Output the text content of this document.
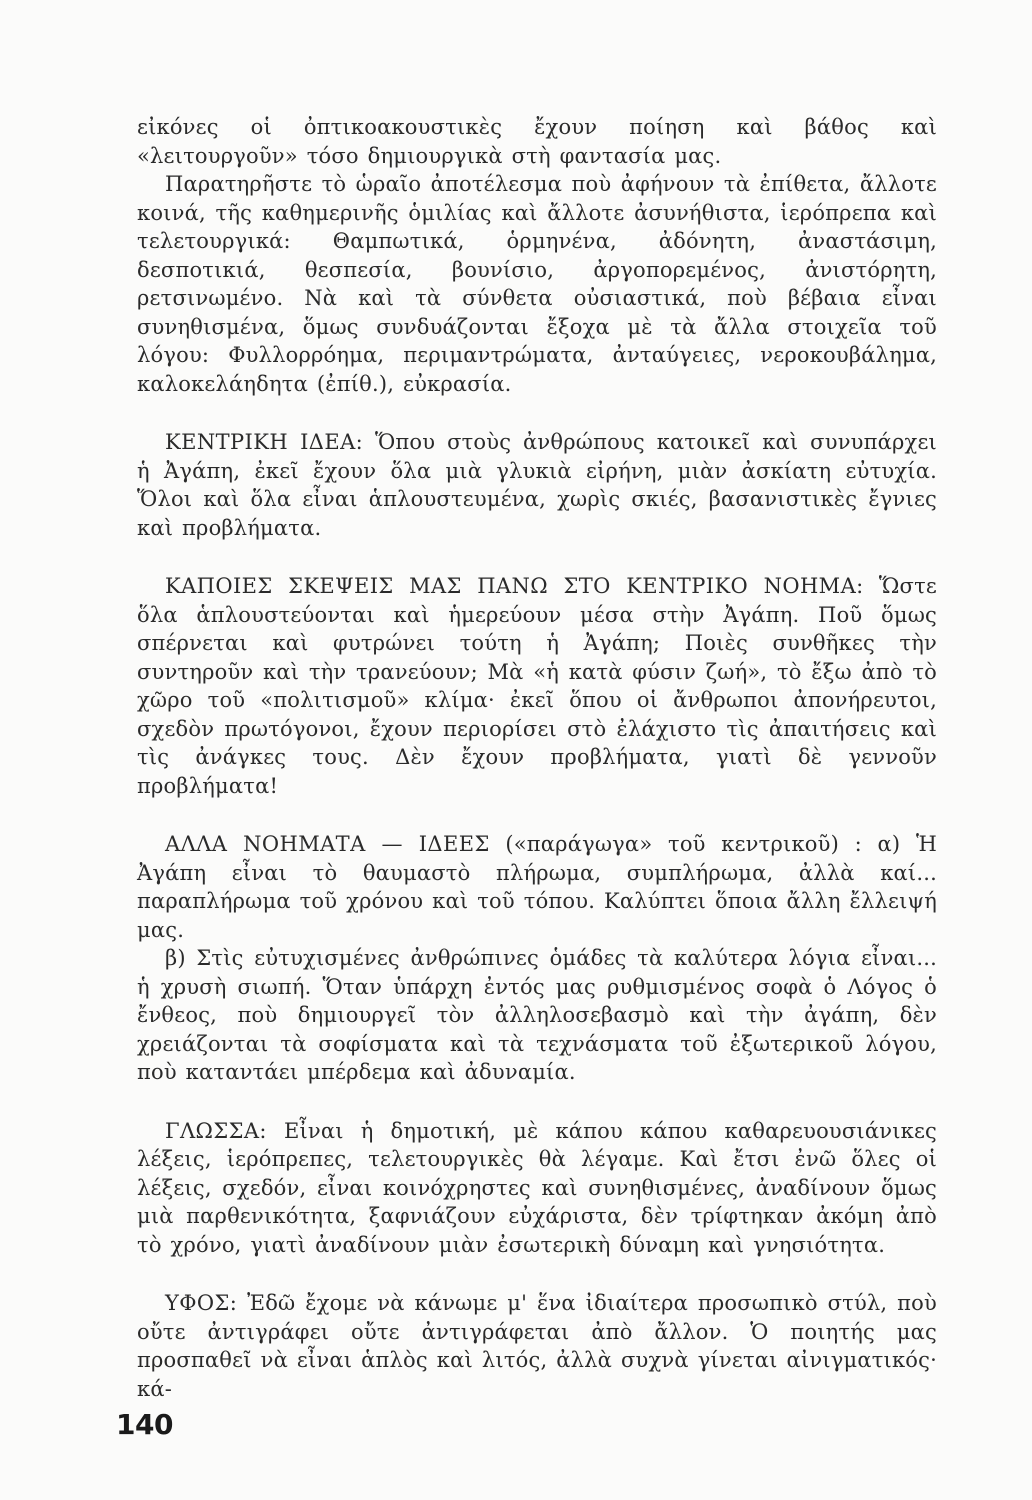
εἰκόνες οἱ ὀπτικοακουστικὲς ἔχουν ποίηση καὶ βάθος καὶ «λειτουργοῦν» τόσο δημιουργικὰ στὴ φαντασία μας.

Παρατηρῆστε τὸ ὡραῖο ἀποτέλεσμα ποὺ ἀφήνουν τὰ ἐπίθετα, ἄλλοτε κοινά, τῆς καθημερινῆς ὁμιλίας καὶ ἄλλοτε ἀσυνήθιστα, ἱερόπρεπα καὶ τελετουργικά: Θαμπωτικά, ὁρμηνένα, ἀδόνητη, ἀναστάσιμη, δεσποτικιά, θεσπεσία, βουνίσιο, ἀργοπορεμένος, ἀνιστόρητη, ρετσινωμένο. Νὰ καὶ τὰ σύνθετα οὐσιαστικά, ποὺ βέβαια εἶναι συνηθισμένα, ὅμως συνδυάζονται ἔξοχα μὲ τὰ ἄλλα στοιχεῖα τοῦ λόγου: Φυλλορρόημα, περιμαντρώματα, ἀνταύγειες, νεροκουβάλημα, καλοκελάηδητα (ἐπίθ.), εὐκρασία.

ΚΕΝΤΡΙΚΗ ΙΔΕΑ: Ὅπου στοὺς ἀνθρώπους κατοικεῖ καὶ συνυπάρχει ἡ Ἀγάπη, ἐκεῖ ἔχουν ὅλα μιὰ γλυκιὰ εἰρήνη, μιὰν ἀσκίατη εὐτυχία. Ὅλοι καὶ ὅλα εἶναι ἁπλουστευμένα, χωρὶς σκιές, βασανιστικὲς ἔγνιες καὶ προβλήματα.

ΚΑΠΟΙΕΣ ΣΚΕΨΕΙΣ ΜΑΣ ΠΑΝΩ ΣΤΟ ΚΕΝΤΡΙΚΟ ΝΟΗΜΑ: Ὥστε ὅλα ἁπλουστεύονται καὶ ἡμερεύουν μέσα στὴν Ἀγάπη. Ποῦ ὅμως σπέρνεται καὶ φυτρώνει τούτη ἡ Ἀγάπη; Ποιὲς συνθῆκες τὴν συντηροῦν καὶ τὴν τρανεύουν; Μὰ «ἡ κατὰ φύσιν ζωή», τὸ ἔξω ἀπὸ τὸ χῶρο τοῦ «πολιτισμοῦ» κλίμα· ἐκεῖ ὅπου οἱ ἄνθρωποι ἀπονήρευτοι, σχεδὸν πρωτόγονοι, ἔχουν περιορίσει στὸ ἐλάχιστο τὶς ἀπαιτήσεις καὶ τὶς ἀνάγκες τους. Δὲν ἔχουν προβλήματα, γιατὶ δὲ γεννοῦν προβλήματα!

ΑΛΛΑ ΝΟΗΜΑΤΑ — ΙΔΕΕΣ («παράγωγα» τοῦ κεντρικοῦ) : α) Ἡ Ἀγάπη εἶναι τὸ θαυμαστὸ πλήρωμα, συμπλήρωμα, ἀλλὰ καί... παραπλήρωμα τοῦ χρόνου καὶ τοῦ τόπου. Καλύπτει ὅποια ἄλλη ἔλλειψή μας.

β) Στὶς εὐτυχισμένες ἀνθρώπινες ὁμάδες τὰ καλύτερα λόγια εἶναι... ἡ χρυσὴ σιωπή. Ὅταν ὑπάρχη ἐντός μας ρυθμισμένος σοφὰ ὁ Λόγος ὁ ἔνθεος, ποὺ δημιουργεῖ τὸν ἀλληλοσεβασμὸ καὶ τὴν ἀγάπη, δὲν χρειάζονται τὰ σοφίσματα καὶ τὰ τεχνάσματα τοῦ ἐξωτερικοῦ λόγου, ποὺ καταντάει μπέρδεμα καὶ ἀδυναμία.

ΓΛΩΣΣΑ: Εἶναι ἡ δημοτική, μὲ κάπου κάπου καθαρευουσιάνικες λέξεις, ἱερόπρεπες, τελετουργικὲς θὰ λέγαμε. Καὶ ἔτσι ἐνῶ ὅλες οἱ λέξεις, σχεδόν, εἶναι κοινόχρηστες καὶ συνηθισμένες, ἀναδίνουν ὅμως μιὰ παρθενικότητα, ξαφνιάζουν εὐχάριστα, δὲν τρίφτηκαν ἀκόμη ἀπὸ τὸ χρόνο, γιατὶ ἀναδίνουν μιὰν ἐσωτερικὴ δύναμη καὶ γνησιότητα.

ΥΦΟΣ: Ἐδῶ ἔχομε νὰ κάνωμε μ' ἕνα ἰδιαίτερα προσωπικὸ στύλ, ποὺ οὔτε ἀντιγράφει οὔτε ἀντιγράφεται ἀπὸ ἄλλον. Ὁ ποιητής μας προσπαθεῖ νὰ εἶναι ἁπλὸς καὶ λιτός, ἀλλὰ συχνὰ γίνεται αἰνιγματικός· κά-

140
